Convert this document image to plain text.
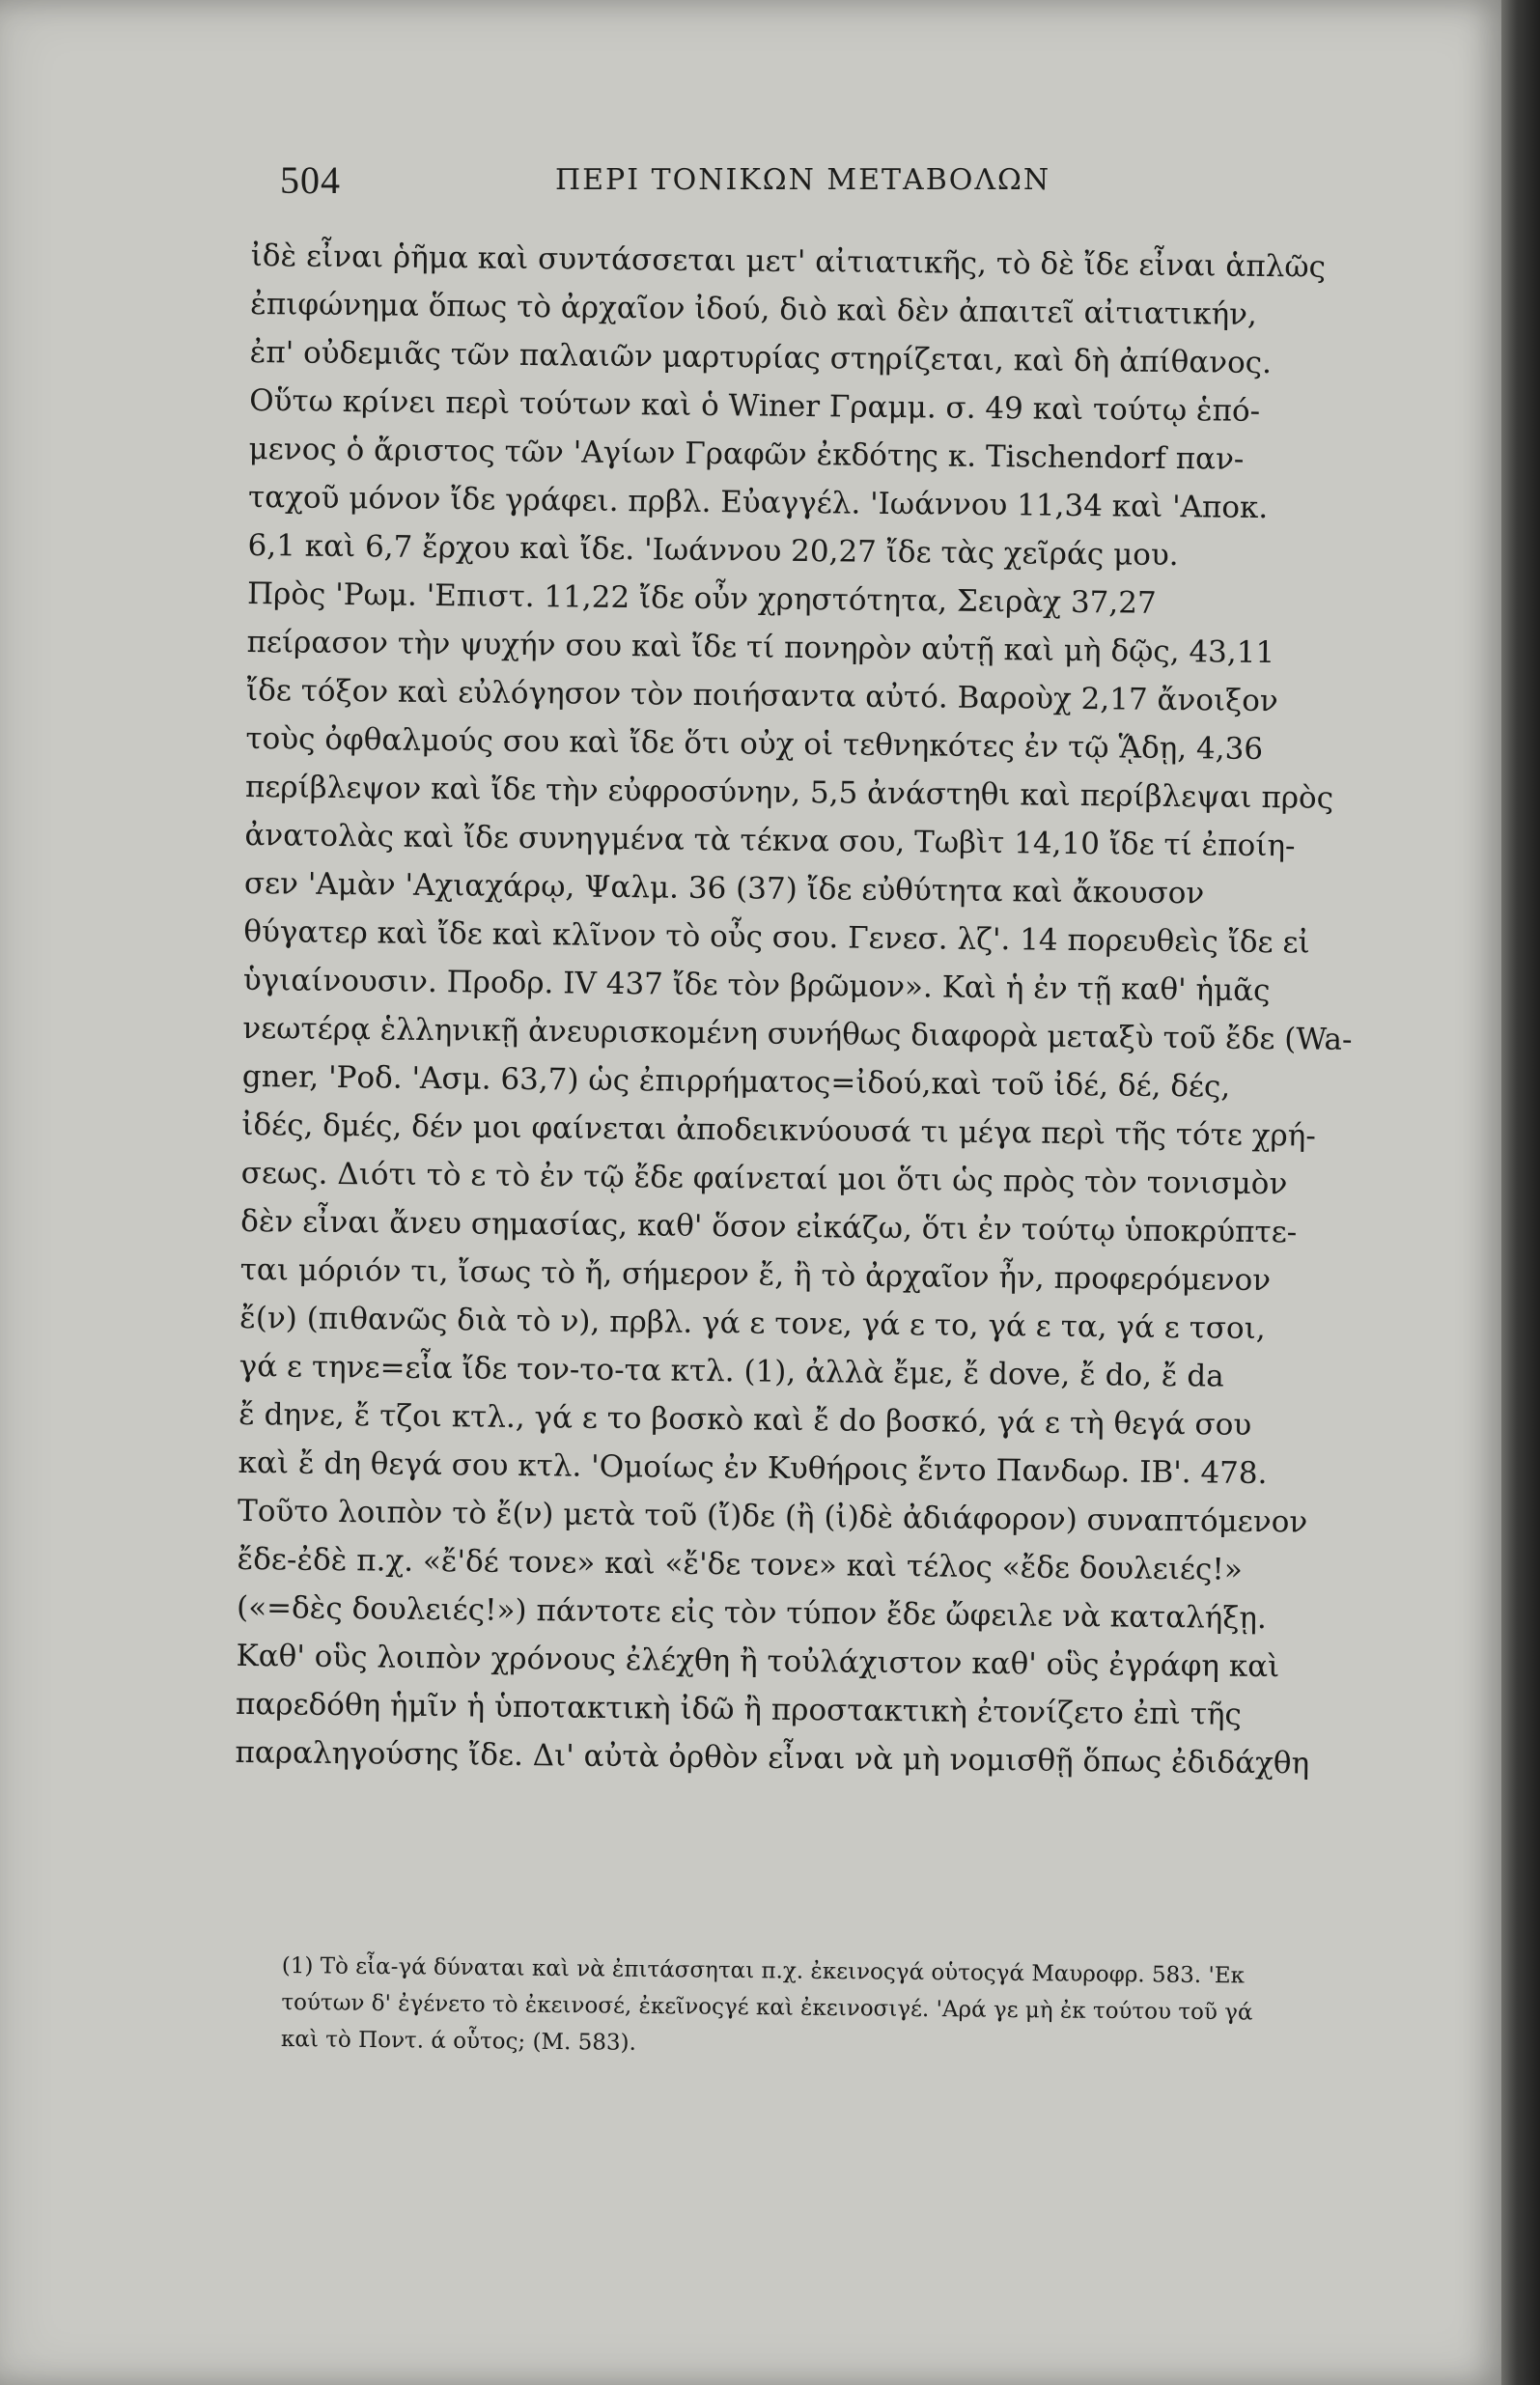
504	ΠΕΡΙ ΤΟΝΙΚΩΝ ΜΕΤΑΒΟΛΩΝ
ἰδὲ εἶναι ῥῆμα καὶ συντάσσεται μετ' αἰτιατικῆς, τὸ δὲ ἴδε εἶναι ἁπλῶς
ἐπιφώνημα ὅπως τὸ ἀρχαῖον ἰδού, διὸ καὶ δὲν ἀπαιτεῖ αἰτιατικήν,
ἐπ' οὐδεμιᾶς τῶν παλαιῶν μαρτυρίας στηρίζεται, καὶ δὴ ἀπίθανος.
Οὕτω κρίνει περὶ τούτων καὶ ὁ Winer Γραμμ. σ. 49 καὶ τούτῳ ἑπό-
μενος ὁ ἄριστος τῶν 'Αγίων Γραφῶν ἐκδότης κ. Tischendorf παν-
ταχοῦ μόνον ἴδε γράφει. πρβλ. Εὐαγγέλ. 'Ιωάννου 11,34 καὶ 'Αποκ.
6,1 καὶ 6,7 ἔρχου καὶ ἴδε. 'Ιωάννου 20,27 ἴδε τὰς χεῖράς μου.
Πρὸς 'Ρωμ. 'Επιστ. 11,22 ἴδε οὖν χρηστότητα, Σειρὰχ 37,27
πείρασον τὴν ψυχήν σου καὶ ἴδε τί πονηρὸν αὐτῇ καὶ μὴ δῷς, 43,11
ἴδε τόξον καὶ εὐλόγησον τὸν ποιήσαντα αὐτό. Βαροὺχ 2,17 ἄνοιξον
τοὺς ὀφθαλμούς σου καὶ ἴδε ὅτι οὐχ οἱ τεθνηκότες ἐν τῷ ᾍδῃ, 4,36
περίβλεψον καὶ ἴδε τὴν εὐφροσύνην, 5,5 ἀνάστηθι καὶ περίβλεψαι πρὸς
ἀνατολὰς καὶ ἴδε συνηγμένα τὰ τέκνα σου, Τωβὶτ 14,10 ἴδε τί ἐποίη-
σεν 'Αμὰν 'Αχιαχάρῳ, Ψαλμ. 36 (37) ἴδε εὐθύτητα καὶ ἄκουσον
θύγατερ καὶ ἴδε καὶ κλῖνον τὸ οὖς σου. Γενεσ. λζ'. 14 πορευθεὶς ἴδε εἰ
ὑγιαίνουσιν. Προδρ. IV 437 ἴδε τὸν βρῶμον». Καὶ ἡ ἐν τῇ καθ' ἡμᾶς
νεωτέρᾳ ἑλληνικῇ ἀνευρισκομένη συνήθως διαφορὰ μεταξὺ τοῦ ἔδε (Wa-
gner, 'Ροδ. 'Ασμ. 63,7) ὡς ἐπιρρήματος=ἰδού,καὶ τοῦ ἰδέ, δέ, δές,
ἰδές, δμές, δέν μοι φαίνεται ἀποδεικνύουσά τι μέγα περὶ τῆς τότε χρή-
σεως. Διότι τὸ ε τὸ ἐν τῷ ἔδε φαίνεταί μοι ὅτι ὡς πρὸς τὸν τονισμὸν
δὲν εἶναι ἄνευ σημασίας, καθ' ὅσον εἰκάζω, ὅτι ἐν τούτῳ ὑποκρύπτε-
ται μόριόν τι, ἴσως τὸ ἤ, σήμερον ἔ, ἢ τὸ ἀρχαῖον ἦν, προφερόμενον
ἔ(ν) (πιθανῶς διὰ τὸ ν), πρβλ. γά ε τονε, γά ε το, γά ε τα, γά ε τσοι,
γά ε τηνε=εἶα ἴδε τον-το-τα κτλ. (1), ἀλλὰ ἔμε, ἔ dove, ἔ do, ἔ da
ἔ dηνε, ἔ τζοι κτλ., γά ε το βοσκὸ καὶ ἔ do βοσκό, γά ε τὴ θεγά σου
καὶ ἔ dη θεγά σου κτλ. 'Ομοίως ἐν Κυθήροις ἔντο Πανδωρ. ΙΒ'. 478.
Τοῦτο λοιπὸν τὸ ἔ(ν) μετὰ τοῦ (ἴ)δε (ἢ (ἰ)δὲ ἀδιάφορον) συναπτόμενον
ἔδε-ἐδὲ π.χ. «ἔ'δέ τονε» καὶ «ἔ'δε τονε» καὶ τέλος «ἔδε δουλειές!»
(«=δὲς δουλειές!») πάντοτε εἰς τὸν τύπον ἔδε ὤφειλε νὰ καταλήξῃ.
Καθ' οὓς λοιπὸν χρόνους ἐλέχθη ἢ τοὐλάχιστον καθ' οὓς ἐγράφη καὶ
παρεδόθη ἡμῖν ἡ ὑποτακτικὴ ἰδῶ ἢ προστακτικὴ ἐτονίζετο ἐπὶ τῆς
παραληγούσης ἴδε. Δι' αὐτὰ ὀρθὸν εἶναι νὰ μὴ νομισθῇ ὅπως ἐδιδάχθη
(1) Τὸ εἶα-γά δύναται καὶ νὰ ἐπιτάσσηται π.χ. ἐκεινοςγά οὑτοςγά Μαυροφρ. 583. 'Εκ
τούτων δ' ἐγένετο τὸ ἐκεινοσέ, ἐκεῖνοςγέ καὶ ἐκεινοσιγέ. 'Αρά γε μὴ ἐκ τούτου τοῦ γά
καὶ τὸ Ποντ. ά οὗτος; (Μ. 583).
